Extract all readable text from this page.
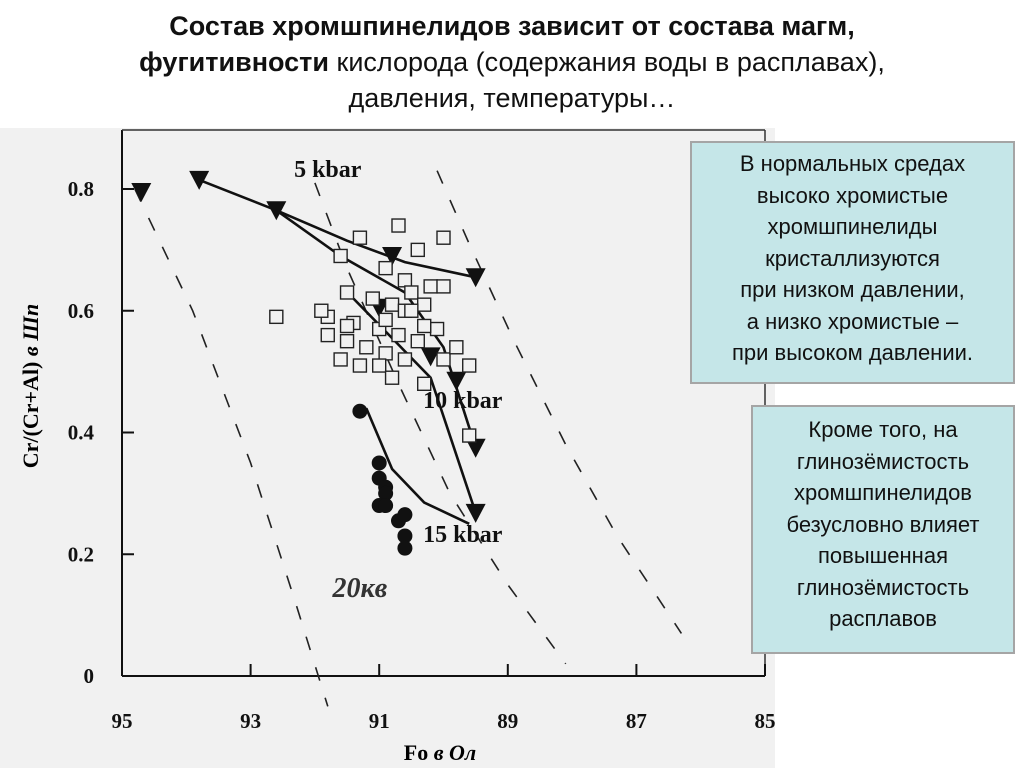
Состав хромшпинелидов зависит от состава магм,
фугитивности кислорода (содержания воды в расплавах),
давления, температуры…
95	93	91	89	87	85
0
0.2
0.4
0.6
0.8
5 kbar
10 kbar
15 kbar
20кв
Fo в Ол
Cr/(Cr+Al) в Шп
В нормальных средах
высоко хромистые
хромшпинелиды
кристаллизуются
при низком давлении,
а низко хромистые –
при высоком давлении.
Кроме того, на
глинозёмистость
хромшпинелидов
безусловно влияет
повышенная
глинозёмистость
расплавов
